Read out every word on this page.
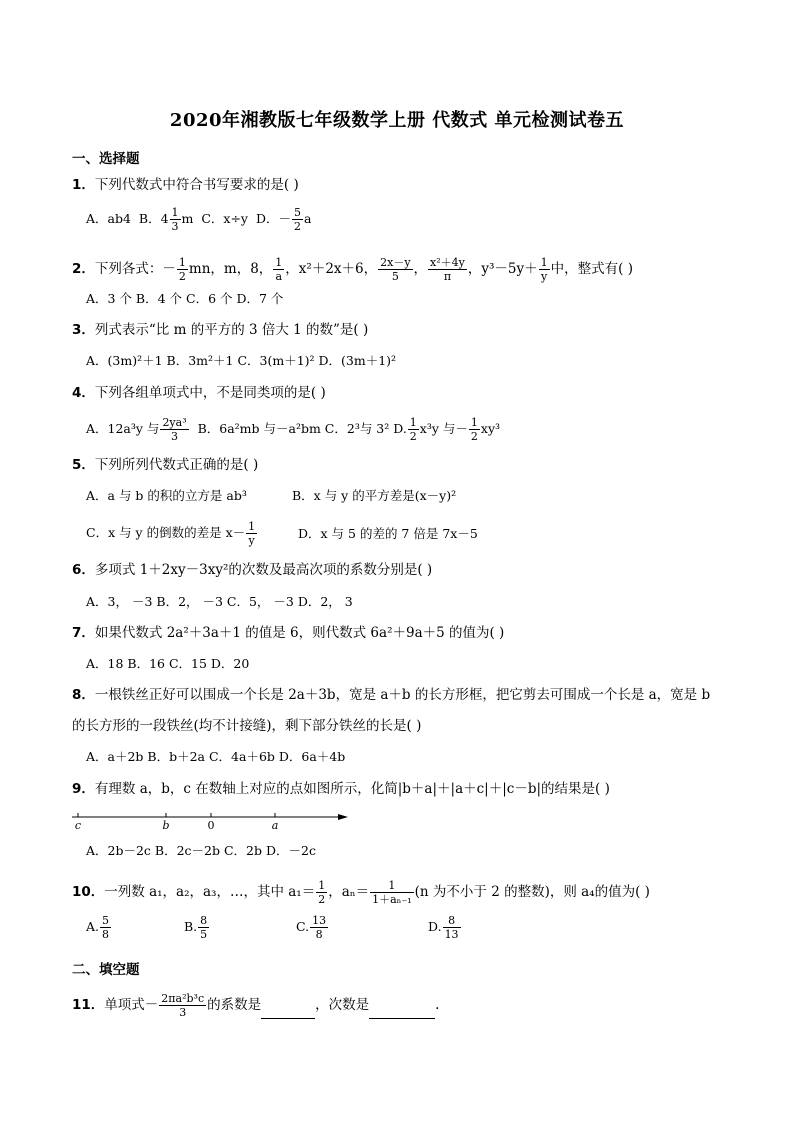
2020年湘教版七年级数学上册 代数式 单元检测试卷五
一、选择题
1．下列代数式中符合书写要求的是( )
A．ab4 B．$4 \frac{1}{3}$ m C．x÷y D．－ $\frac{5}{2}$ a
2．下列各式：－ $\frac{1}{2}$ mn，m，8， $\frac{1}{a}$ ，x²＋2x＋6， $\frac{2x-y}{5}$ ， $\frac{\text{x²＋4y}}{\pi}$ ，$y^3-5y+ \frac{1}{y}$ 中，整式有( )
A．3 个 B．4 个 C．6 个 D．7 个
3．列式表示“比 m 的平方的 3 倍大 1 的数”是( )
A．(3m)²＋1 B．3m²＋1 C．3(m＋1)² D．(3m＋1)²
4．下列各组单项式中，不是同类项的是( )
A．12a³y 与 $\frac{\text{2ya³}}{3}$ B．6a²mb 与－a²bm C．2³与 3² D. $\frac{1}{2} x^3y$ 与－ $\frac{1}{2} xy^3$
5．下列所列代数式正确的是( )
A．a 与 b 的积的立方是 ab³	B．x 与 y 的平方差是(x－y)²
C．x 与 y 的倒数的差是 $x- \frac{1}{y}$	D．x 与 5 的差的 7 倍是 7x－5
6．多项式 1＋2xy－3xy²的次数及最高次项的系数分别是( )
A．3， －3 B．2， －3 C．5， －3 D．2， 3
7．如果代数式 2a²＋3a＋1 的值是 6，则代数式 6a²＋9a＋5 的值为( )
A．18 B．16 C．15 D．20
8．一根铁丝正好可以围成一个长是 2a＋3b，宽是 a＋b 的长方形框，把它剪去可围成一个长是 a，宽是 b
的长方形的一段铁丝(均不计接缝)，剩下部分铁丝的长是( )
A．a＋2b B．b＋2a C．4a＋6b D．6a＋4b
9．有理数 a，b，c 在数轴上对应的点如图所示，化简|b＋a|＋|a＋c|＋|c－b|的结果是( )
c	b	0	a
A．2b－2c B．2c－2b C．2b D．－2c
10．一列数 a₁，a₂，a₃，…，其中 $a_1= \frac{1}{2}$ ，$a_n= \frac{1}{\text{1＋aₙ₋₁}} (n$ 为不小于 2 的整数)，则 a₄的值为( )
A. $\frac{5}{8}$	B. $\frac{8}{5}$	C. $\frac{13}{8}$	D. $\frac{8}{13}$
二、填空题
11．单项式－ $\frac{\text{2πa²b³c}}{3}$ 的系数是	，次数是	.
